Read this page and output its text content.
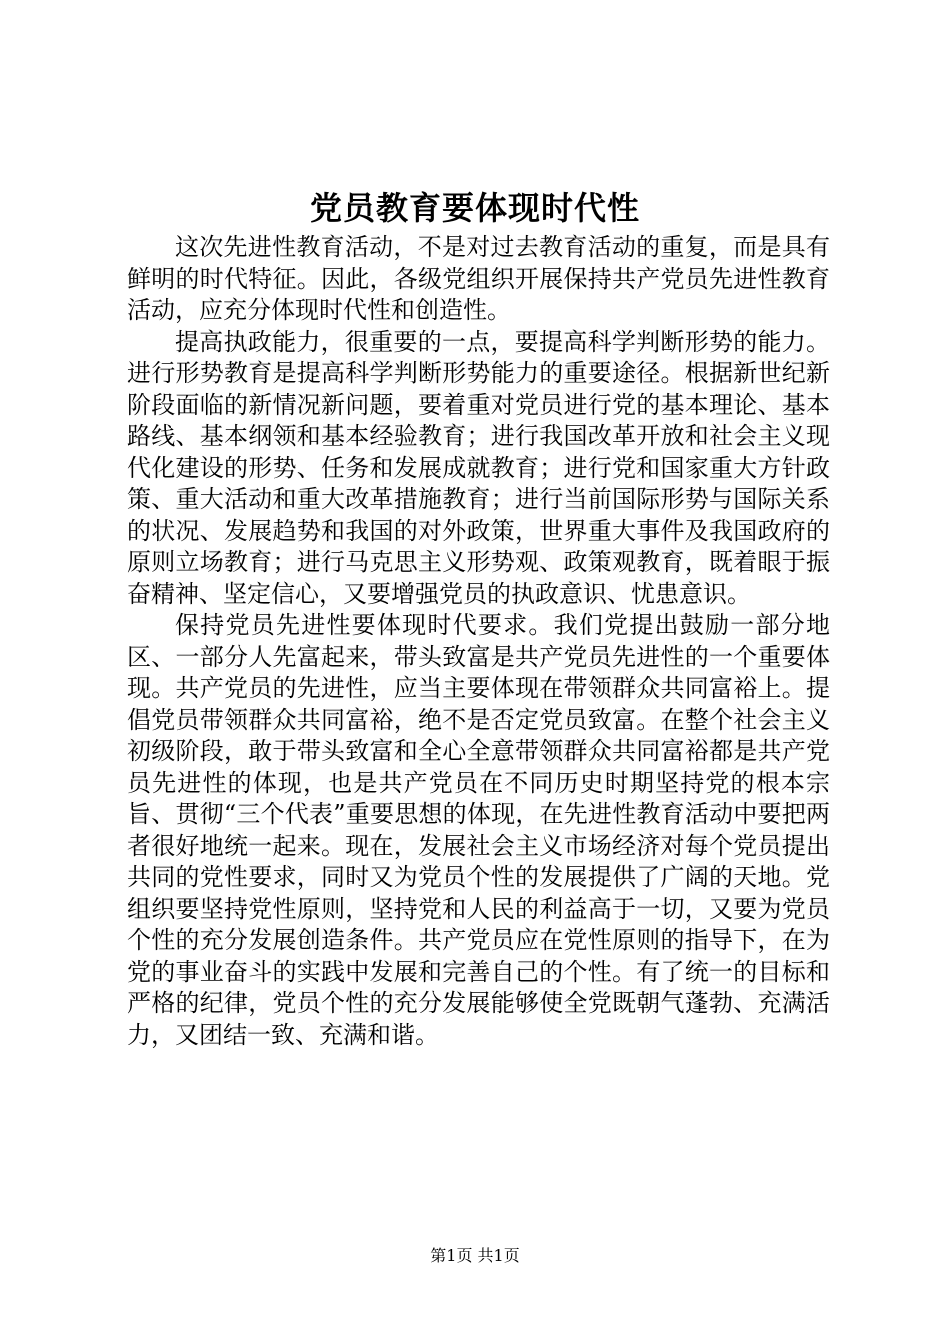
党员教育要体现时代性

这次先进性教育活动，不是对过去教育活动的重复，而是具有鲜明的时代特征。因此，各级党组织开展保持共产党员先进性教育活动，应充分体现时代性和创造性。

提高执政能力，很重要的一点，要提高科学判断形势的能力。进行形势教育是提高科学判断形势能力的重要途径。根据新世纪新阶段面临的新情况新问题，要着重对党员进行党的基本理论、基本路线、基本纲领和基本经验教育；进行我国改革开放和社会主义现代化建设的形势、任务和发展成就教育；进行党和国家重大方针政策、重大活动和重大改革措施教育；进行当前国际形势与国际关系的状况、发展趋势和我国的对外政策，世界重大事件及我国政府的原则立场教育；进行马克思主义形势观、政策观教育，既着眼于振奋精神、坚定信心，又要增强党员的执政意识、忧患意识。

保持党员先进性要体现时代要求。我们党提出鼓励一部分地区、一部分人先富起来，带头致富是共产党员先进性的一个重要体现。共产党员的先进性，应当主要体现在带领群众共同富裕上。提倡党员带领群众共同富裕，绝不是否定党员致富。在整个社会主义初级阶段，敢于带头致富和全心全意带领群众共同富裕都是共产党员先进性的体现，也是共产党员在不同历史时期坚持党的根本宗旨、贯彻“三个代表”重要思想的体现，在先进性教育活动中要把两者很好地统一起来。现在，发展社会主义市场经济对每个党员提出共同的党性要求，同时又为党员个性的发展提供了广阔的天地。党组织要坚持党性原则，坚持党和人民的利益高于一切，又要为党员个性的充分发展创造条件。共产党员应在党性原则的指导下，在为党的事业奋斗的实践中发展和完善自己的个性。有了统一的目标和严格的纪律，党员个性的充分发展能够使全党既朝气蓬勃、充满活力，又团结一致、充满和谐。

第1页 共1页
